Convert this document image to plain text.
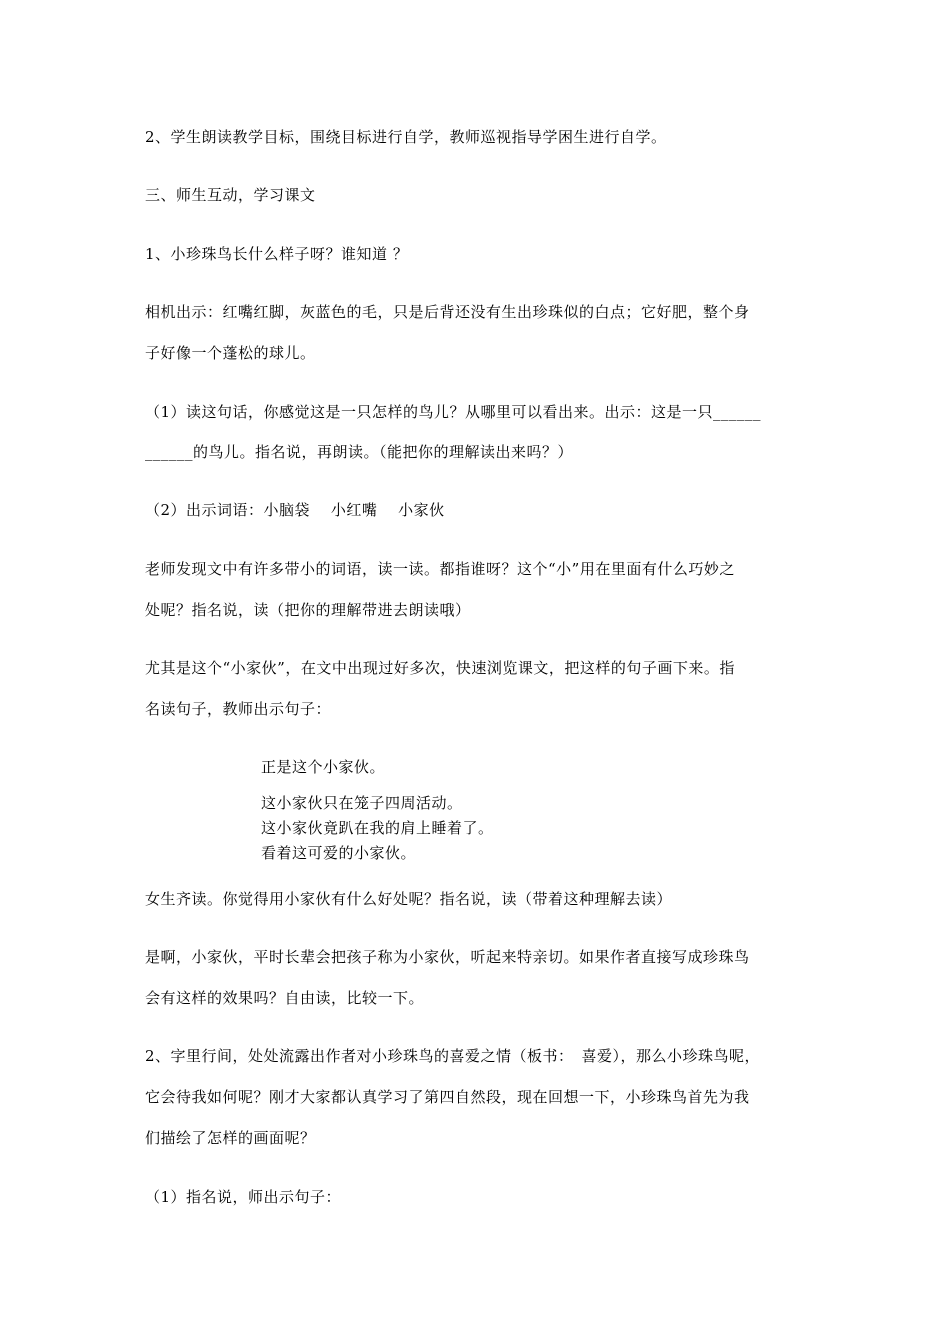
2、学生朗读教学目标，围绕目标进行自学，教师巡视指导学困生进行自学。
三、师生互动，学习课文
1、小珍珠鸟长什么样子呀？谁知道 ？
相机出示：红嘴红脚，灰蓝色的毛，只是后背还没有生出珍珠似的白点；它好肥，整个身
子好像一个蓬松的球儿。
（1）读这句话，你感觉这是一只怎样的鸟儿？从哪里可以看出来。出示：这是一只______
______的鸟儿。指名说，再朗读。（能把你的理解读出来吗？）
（2）出示词语：小脑袋　 小红嘴　 小家伙
老师发现文中有许多带小的词语，读一读。都指谁呀？这个“小”用在里面有什么巧妙之
处呢？指名说，读（把你的理解带进去朗读哦）
尤其是这个“小家伙”，在文中出现过好多次，快速浏览课文，把这样的句子画下来。指
名读句子，教师出示句子：
正是这个小家伙。
这小家伙只在笼子四周活动。
这小家伙竟趴在我的肩上睡着了。
看着这可爱的小家伙。
女生齐读。你觉得用小家伙有什么好处呢？指名说，读（带着这种理解去读）
是啊，小家伙，平时长辈会把孩子称为小家伙，听起来特亲切。如果作者直接写成珍珠鸟
会有这样的效果吗？自由读，比较一下。
2、字里行间，处处流露出作者对小珍珠鸟的喜爱之情（板书：　喜爱），那么小珍珠鸟呢，
它会待我如何呢？刚才大家都认真学习了第四自然段，现在回想一下，小珍珠鸟首先为我
们描绘了怎样的画面呢？
（1）指名说，师出示句子：
